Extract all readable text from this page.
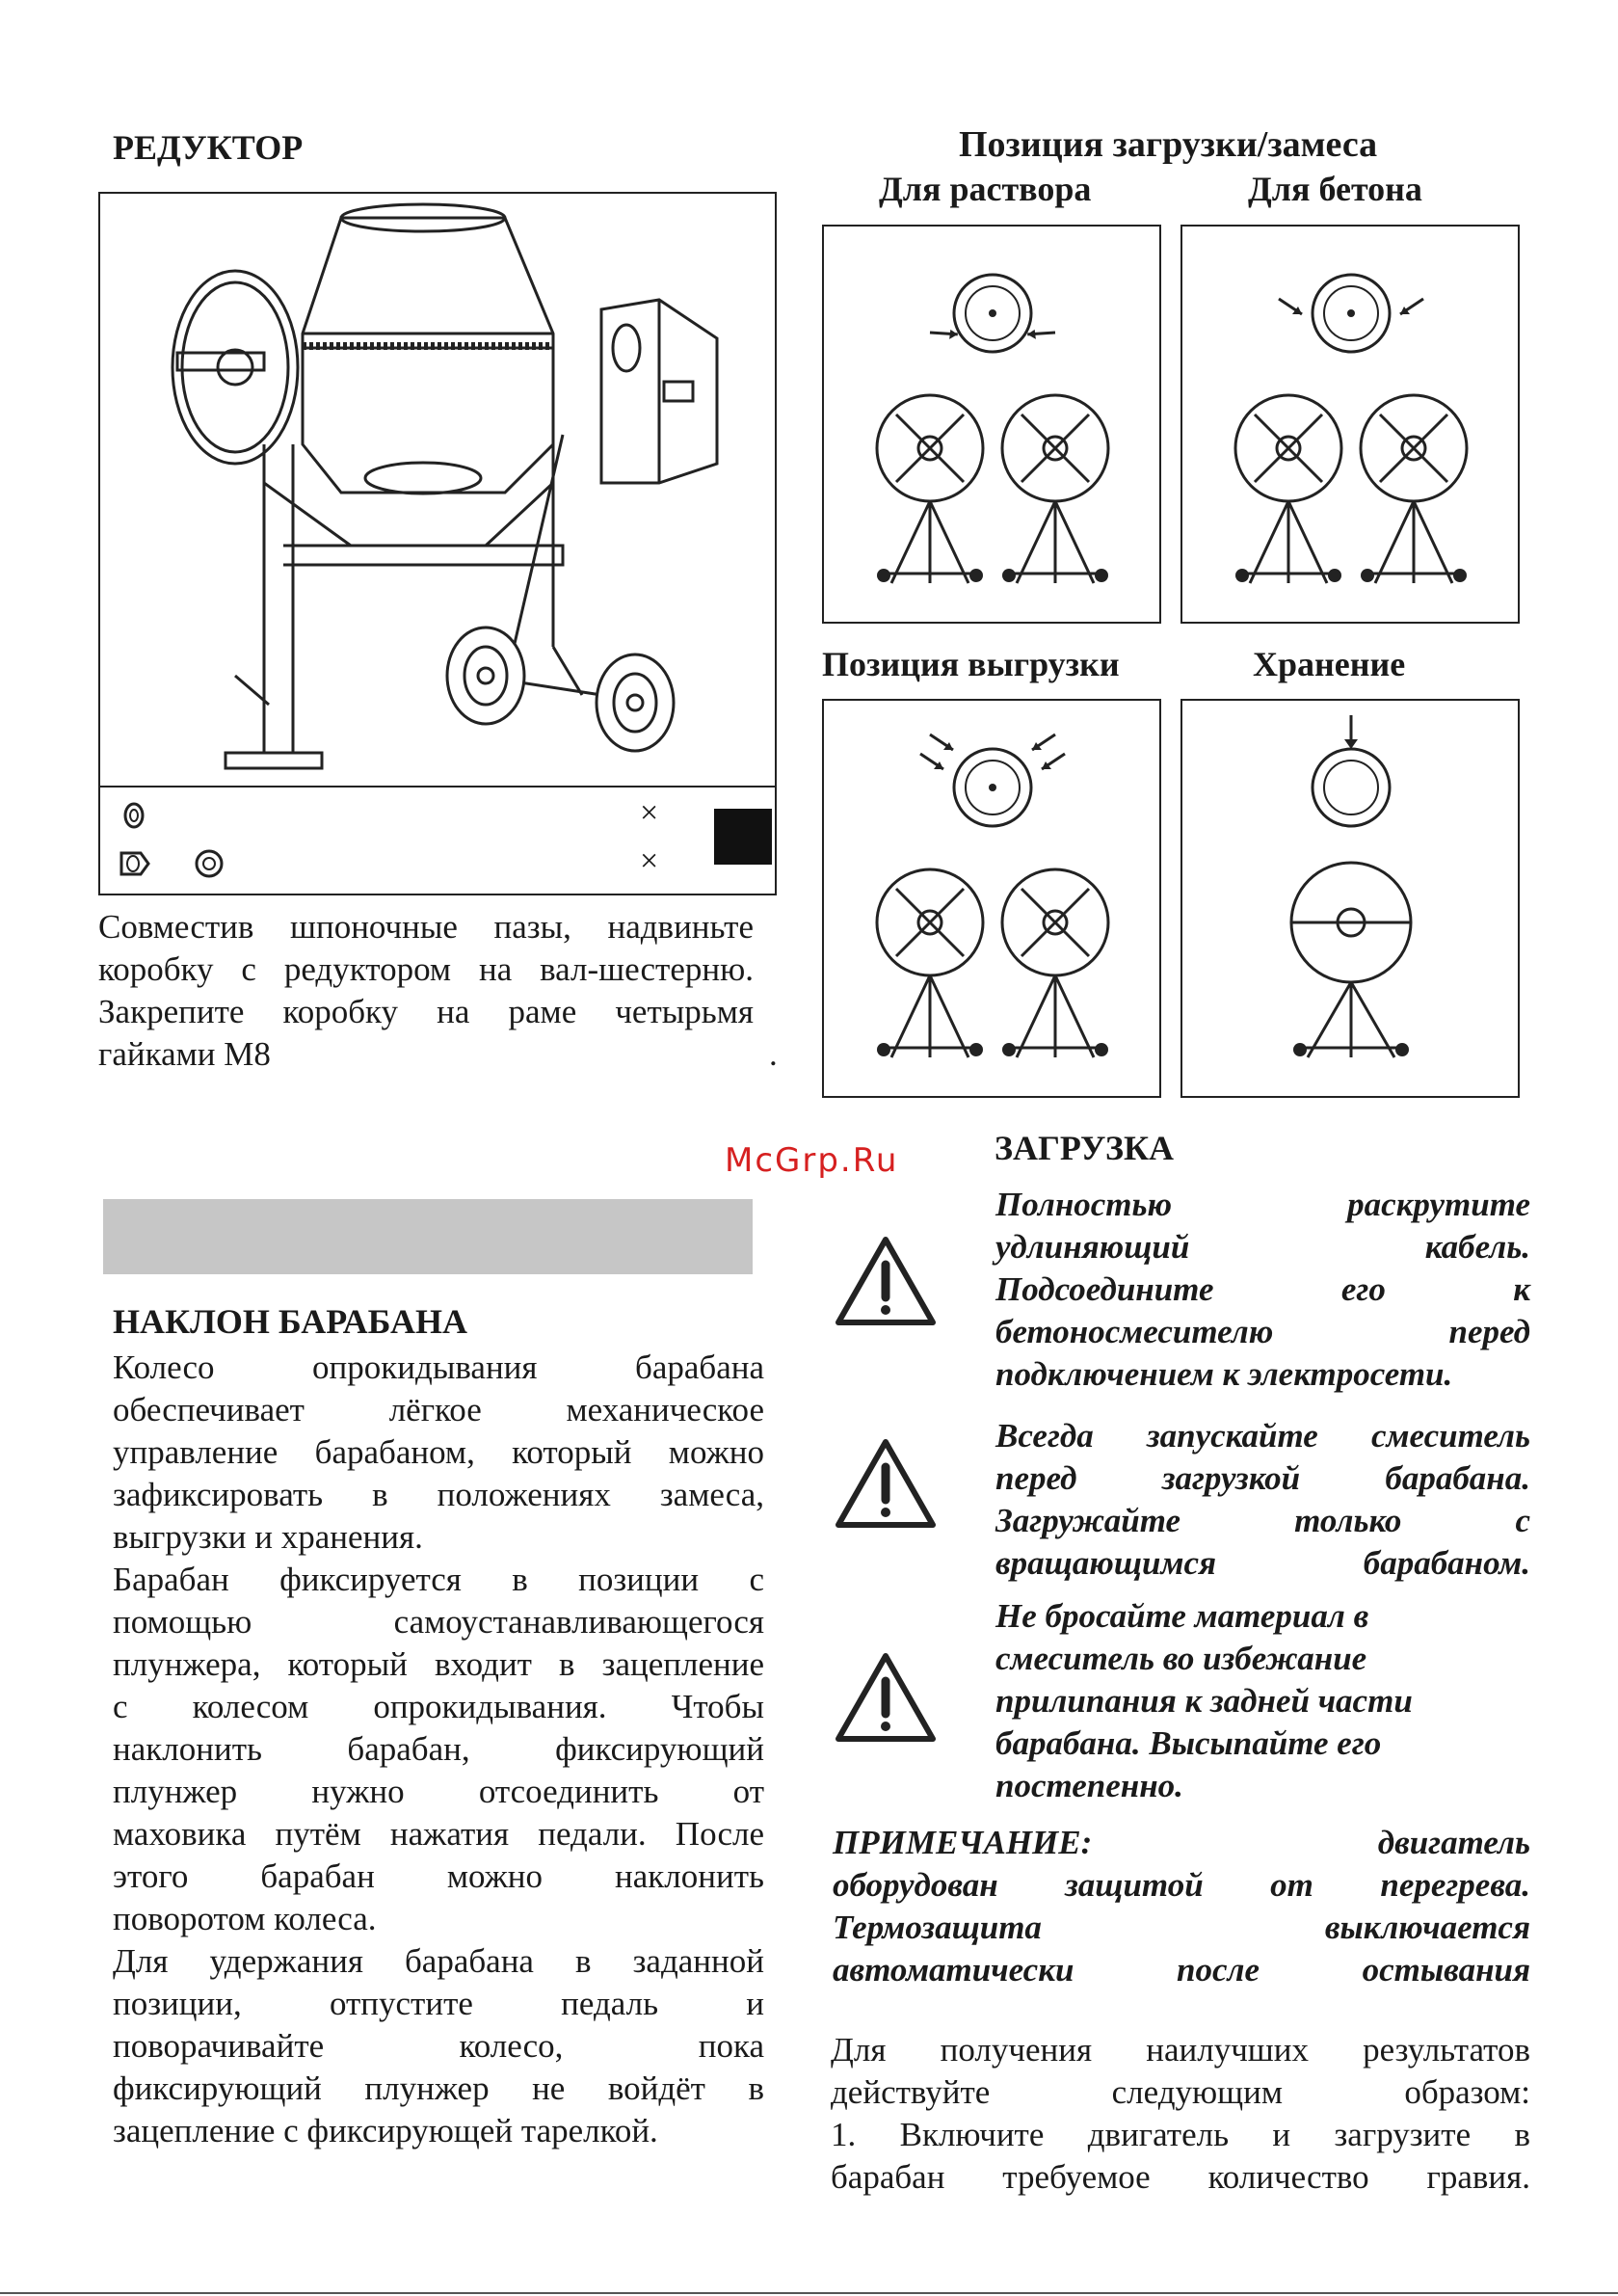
РЕДУКТОР
×
×
Совместив шпоночные пазы, надвиньте
коробку с редуктором на вал-шестерню.
Закрепите коробку на раме четырьмя
гайками М8	.
НАКЛОН БАРАБАНА
Колесо опрокидывания барабана
обеспечивает лёгкое механическое
управление барабаном, который можно
зафиксировать в положениях замеса,
выгрузки и хранения.
Барабан фиксируется в позиции с
помощью самоустанавливающегося
плунжера, который входит в зацепление
с колесом опрокидывания. Чтобы
наклонить барабан, фиксирующий
плунжер нужно отсоединить от
маховика путём нажатия педали. После
этого барабан можно наклонить
поворотом колеса.
Для удержания барабана в заданной
позиции, отпустите педаль и
поворачивайте колесо, пока
фиксирующий плунжер не войдёт в
зацепление с фиксирующей тарелкой.
Позиция загрузки/замеса
Для раствора	Для бетона
Позиция выгрузки	Хранение
McGrp.Ru	ЗАГРУЗКА
Полностью раскрутите
удлиняющий кабель.
Подсоедините его к
бетоносмесителю перед
подключением к электросети.
Всегда запускайте смеситель
перед загрузкой барабана.
Загружайте только с
вращающимся барабаном.
Не бросайте материал в
смеситель во избежание
прилипания к задней части
барабана. Высыпайте его
постепенно.
ПРИМЕЧАНИЕ: двигатель
оборудован защитой от перегрева.
Термозащита выключается
автоматически после остывания
Для получения наилучших результатов
действуйте следующим образом:
1. Включите двигатель и загрузите в
барабан требуемое количество гравия.
